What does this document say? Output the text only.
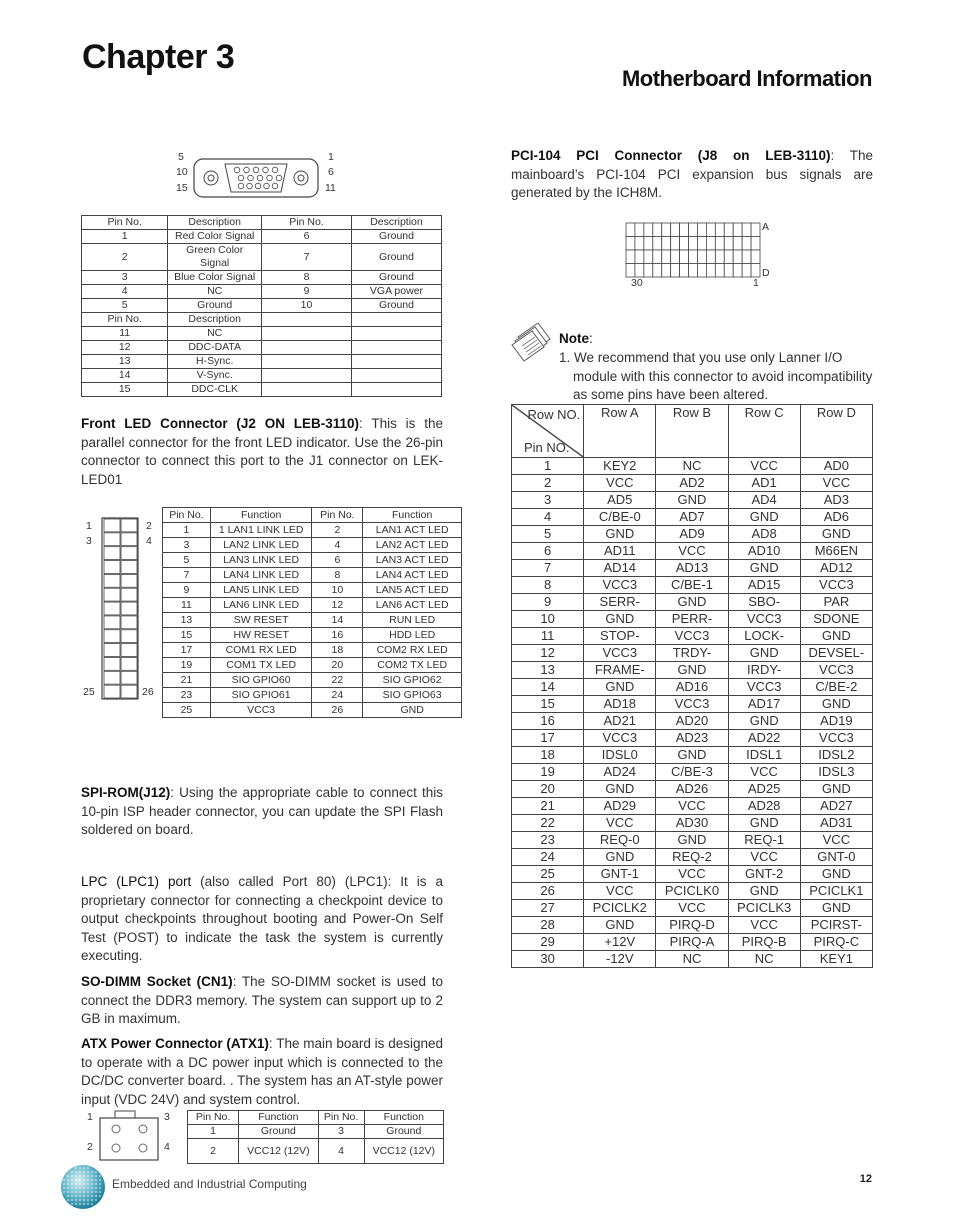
Chapter 3
Motherboard Information
5
10
15
1
6
11
Pin No.	Description	Pin No.	Description
1	Red Color Signal	6	Ground
2	Green Color Signal	7	Ground
3	Blue Color Signal	8	Ground
4	NC	9	VGA power
5	Ground	10	Ground
Pin No.	Description		
11	NC		
12	DDC-DATA		
13	H-Sync.		
14	V-Sync.		
15	DDC-CLK		
Front LED Connector (J2 ON LEB-3110): This is the parallel connector for the front LED indicator. Use the 26-pin connector to connect this port to the J1 connector on LEK-LED01
1
3
2
4
25	26
Pin No.	Function	Pin No.	Function
1	1 LAN1 LINK LED	2	LAN1 ACT LED
3	LAN2 LINK LED	4	LAN2 ACT LED
5	LAN3 LINK LED	6	LAN3 ACT LED
7	LAN4 LINK LED	8	LAN4 ACT LED
9	LAN5 LINK LED	10	LAN5 ACT LED
11	LAN6 LINK LED	12	LAN6 ACT LED
13	SW RESET	14	RUN LED
15	HW RESET	16	HDD LED
17	COM1 RX LED	18	COM2 RX LED
19	COM1 TX LED	20	COM2 TX LED
21	SIO GPIO60	22	SIO GPIO62
23	SIO GPIO61	24	SIO GPIO63
25	VCC3	26	GND
SPI-ROM(J12): Using the appropriate cable to connect this 10-pin ISP header connector, you can update the SPI Flash soldered on board.
LPC (LPC1) port (also called Port 80) (LPC1): It is a proprietary connector for connecting a checkpoint device to output checkpoints throughout booting and Power-On Self Test (POST) to indicate the task the system is currently executing.
SO-DIMM Socket (CN1): The SO-DIMM socket is used to connect the DDR3 memory. The system can support up to 2 GB in maximum.
ATX Power Connector (ATX1): The main board is designed to operate with a DC power input which is connected to the DC/DC converter board. . The system has an AT-style power input (VDC 24V) and system control.
1	3
2	4
Pin No.	Function	Pin No.	Function
1	Ground	3	Ground
2	VCC12 (12V)	4	VCC12 (12V)
PCI-104 PCI Connector (J8 on LEB-3110): The mainboard’s PCI-104 PCI expansion bus signals are generated by the ICH8M.
A
D
30	1
Note:
1. We recommend that you use only Lanner I/O module with this connector to avoid incompatibility as some pins have been altered.
Row NO.
Pin NO.	Row A	Row B	Row C	Row D
1	KEY2	NC	VCC	AD0
2	VCC	AD2	AD1	VCC
3	AD5	GND	AD4	AD3
4	C/BE-0	AD7	GND	AD6
5	GND	AD9	AD8	GND
6	AD11	VCC	AD10	M66EN
7	AD14	AD13	GND	AD12
8	VCC3	C/BE-1	AD15	VCC3
9	SERR-	GND	SBO-	PAR
10	GND	PERR-	VCC3	SDONE
11	STOP-	VCC3	LOCK-	GND
12	VCC3	TRDY-	GND	DEVSEL-
13	FRAME-	GND	IRDY-	VCC3
14	GND	AD16	VCC3	C/BE-2
15	AD18	VCC3	AD17	GND
16	AD21	AD20	GND	AD19
17	VCC3	AD23	AD22	VCC3
18	IDSL0	GND	IDSL1	IDSL2
19	AD24	C/BE-3	VCC	IDSL3
20	GND	AD26	AD25	GND
21	AD29	VCC	AD28	AD27
22	VCC	AD30	GND	AD31
23	REQ-0	GND	REQ-1	VCC
24	GND	REQ-2	VCC	GNT-0
25	GNT-1	VCC	GNT-2	GND
26	VCC	PCICLK0	GND	PCICLK1
27	PCICLK2	VCC	PCICLK3	GND
28	GND	PIRQ-D	VCC	PCIRST-
29	+12V	PIRQ-A	PIRQ-B	PIRQ-C
30	-12V	NC	NC	KEY1
Embedded and Industrial Computing	12
